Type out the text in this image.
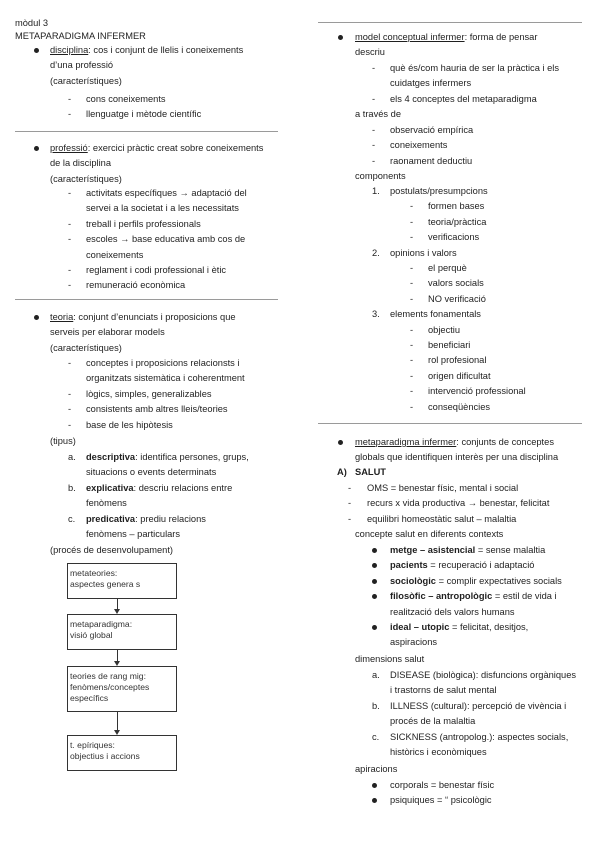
mòdul 3
METAPARADIGMA INFERMER
disciplina: cos i conjunt de llelis i coneixements
d’una professió
(característiques)
- cons coneixements
- llenguatge i mètode científic
professió: exercici pràctic creat sobre coneixements
de la disciplina
(característiques)
- activitats específiques → adaptació del
servei a la societat i a les necessitats

- treball i perfils professionals
- escoles → base educativa amb cos de
coneixements

- reglament i codi professional i ètic
- remuneració econòmica
teoria: conjunt d’enunciats i proposicions que
serveis per elaborar models
(característiques)
- conceptes i proposicions relacionsts i
organitzats sistemàtica i coherentment

- lògics, simples, generalizables
- consistents amb altres lleis/teories
- base de les hipòtesis
(tipus)
a. descriptiva: identifica persones, grups,
situacions o events determinats

b. explicativa: descriu relacions entre
fenòmens

c. predicativa: prediu relacions
fenòmens – particulars

(procés de desenvolupament)
metateories:
aspectes genera s
metaparadigma:
visió global
teories de rang mig:
fenòmens/conceptes
específics
t. epíriques:
objectius i accions
model conceptual infermer: forma de pensar
descriu
- què és/com hauria de ser la pràctica i els
cuidatges infermers

- els 4 conceptes del metaparadigma
a través de
- observació empírica
- coneixements
- raonament deductiu
components
1. postulats/presumpcions
- formen bases
- teoria/pràctica
- verificacions
2. opinions i valors
- el perquè
- valors socials
- NO verificació
3. elements fonamentals
- objectiu
- beneficiari
- rol profesional
- origen dificultat
- intervenció professional
- conseqüències
metaparadigma infermer: conjunts de conceptes
globals que identifiquen interès per una disciplina
A) SALUT
- OMS = benestar físic, mental i social
- recurs x vida productiva → benestar, felicitat
- equilibri homeostàtic salut – malaltia
concepte salut en diferents contexts
metge – asistencial = sense malaltia
pacients = recuperació i adaptació
sociològic = complir expectatives socials
filosòfic – antropològic = estil de vida i
realització dels valors humans
ideal – utopic = felicitat, desitjos,
aspiracions
dimensions salut
a. DISEASE (biològica): disfuncions orgàniques
i trastorns de salut mental

b. ILLNESS (cultural): percepció de vivència i
procés de la malaltia

c. SICKNESS (antropolog.): aspectes socials,
històrics i econòmiques

apiracions
corporals = benestar físic
psiquiques = “ psicològic
